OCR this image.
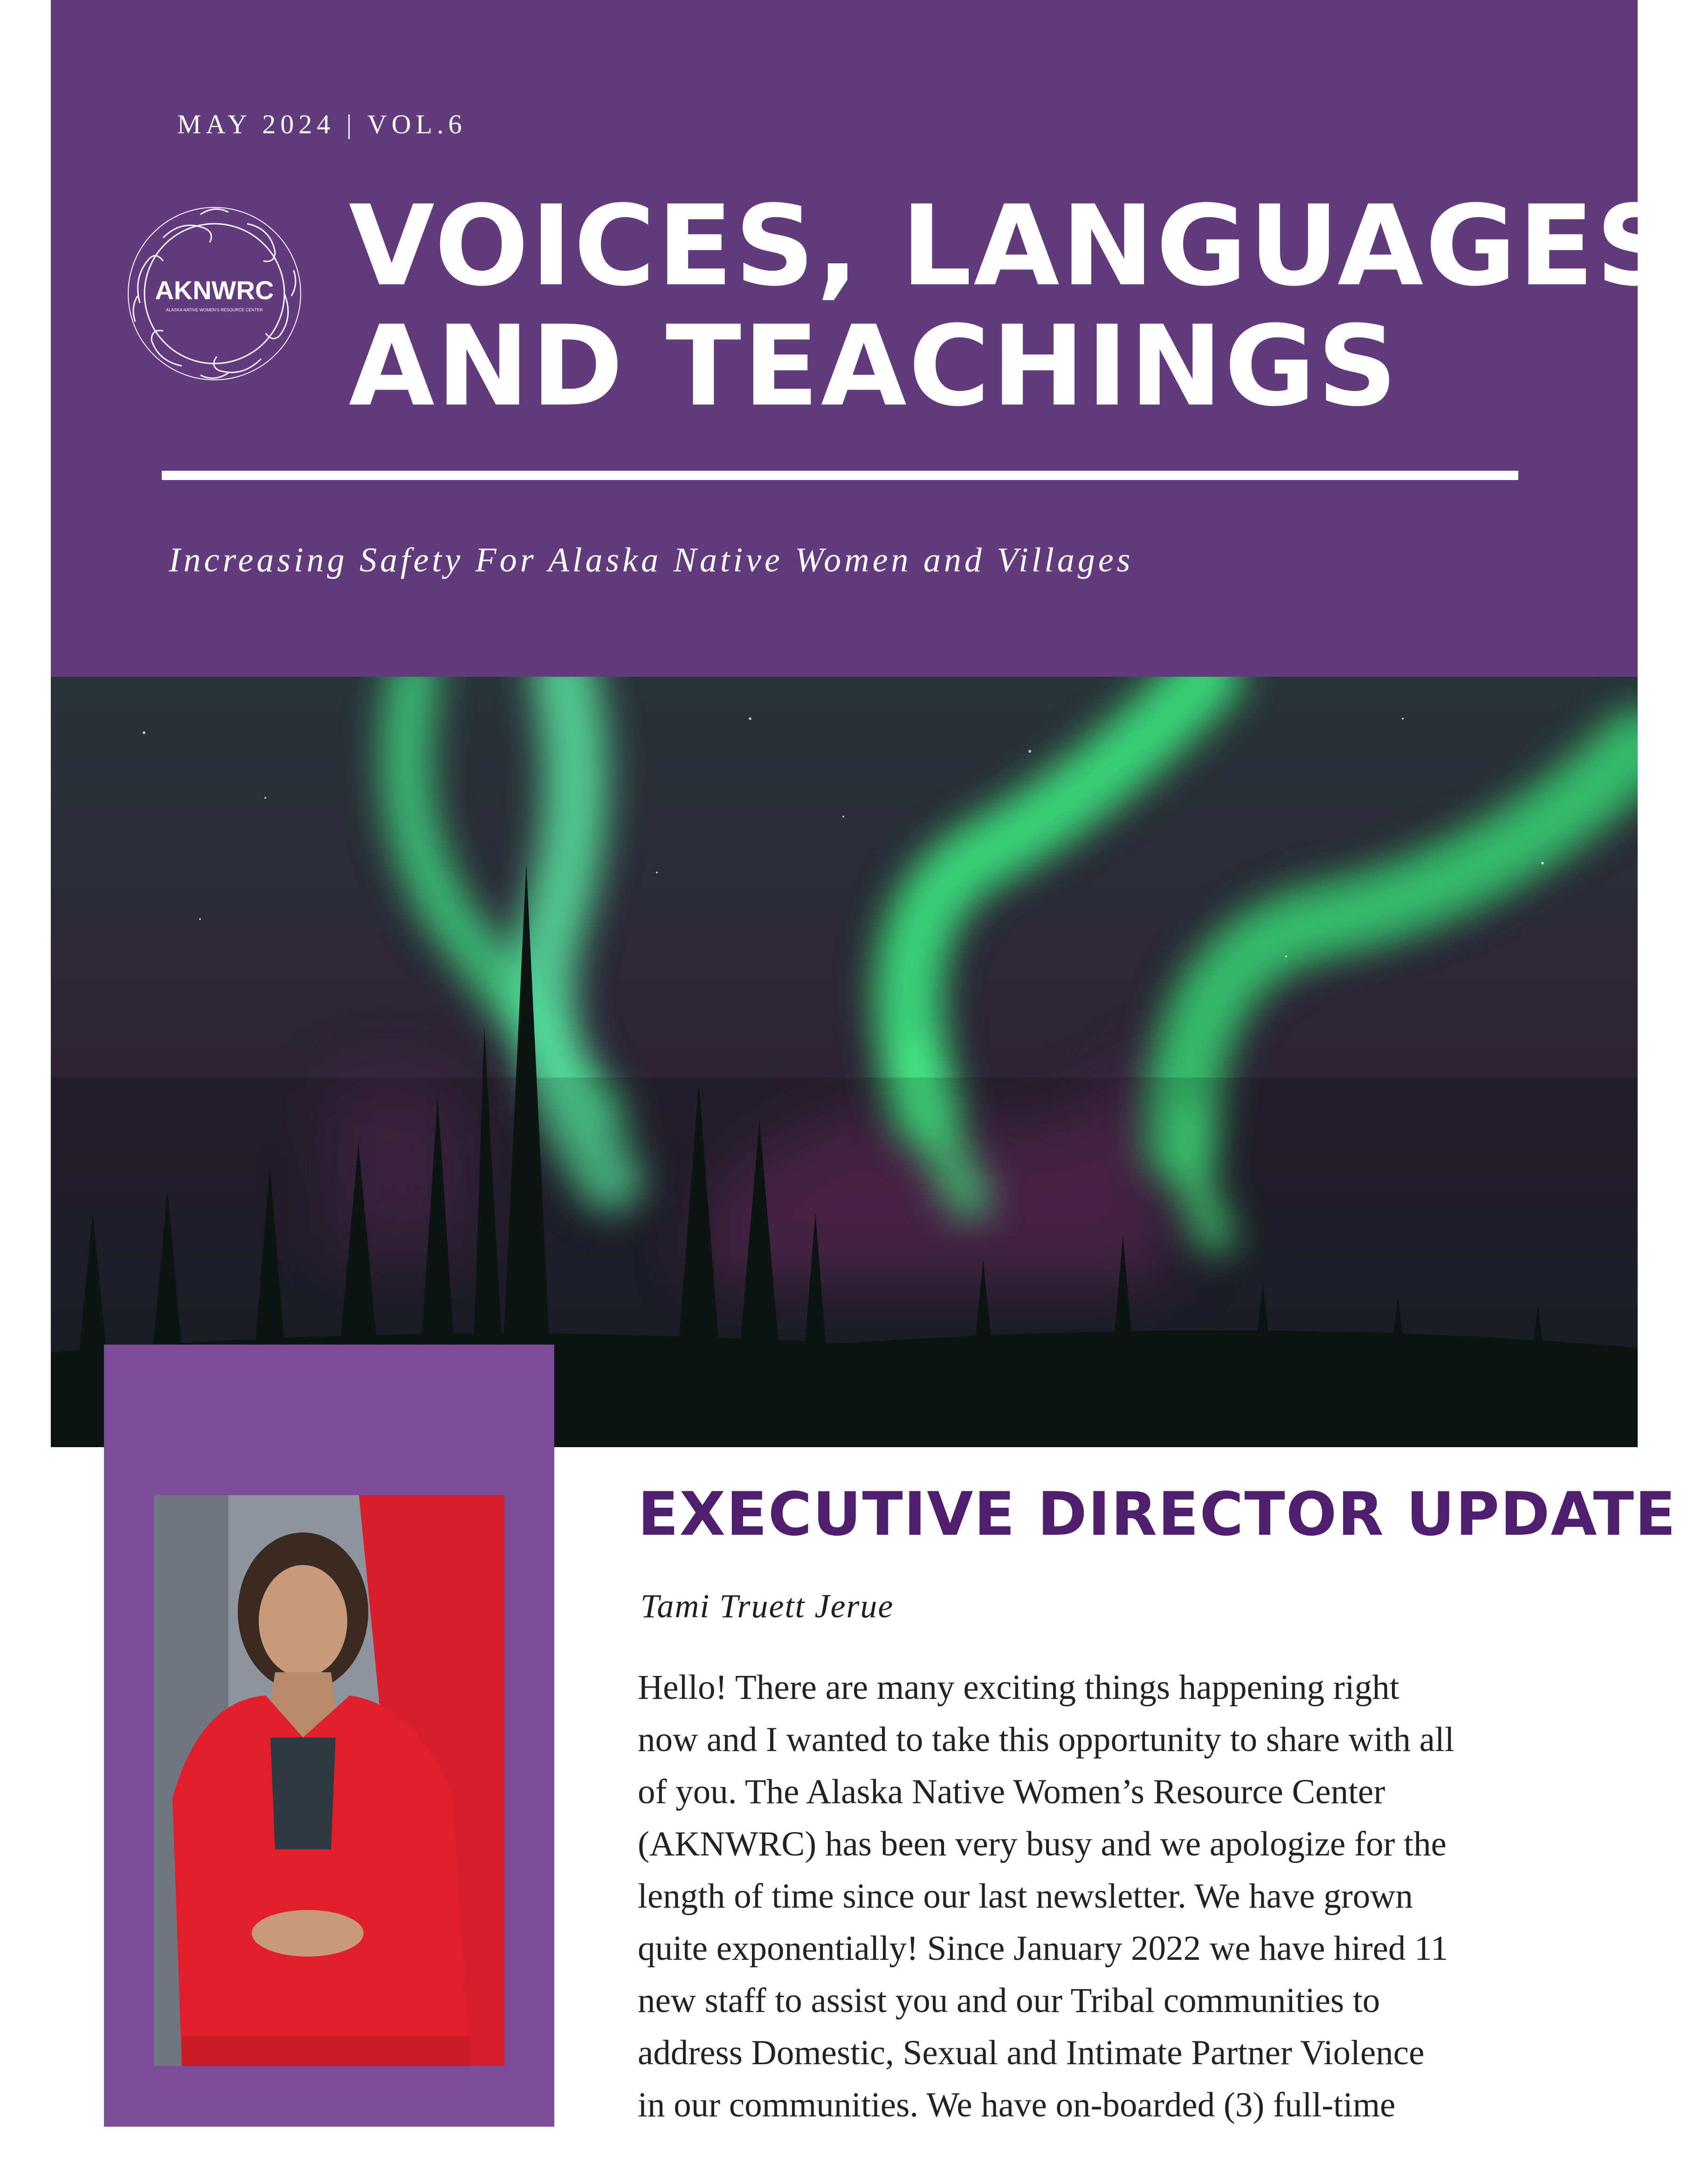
MAY 2024 | VOL.6
AKNWRC
ALASKA NATIVE WOMEN'S RESOURCE CENTER VOICES, LANGUAGES
AND TEACHINGS
Increasing Safety For Alaska Native Women and Villages
EXECUTIVE DIRECTOR UPDATE
Tami Truett Jerue

Hello! There are many exciting things happening right
now and I wanted to take this opportunity to share with all
of you. The Alaska Native Women’s Resource Center
(AKNWRC) has been very busy and we apologize for the
length of time since our last newsletter. We have grown
quite exponentially! Since January 2022 we have hired 11
new staff to assist you and our Tribal communities to
address Domestic, Sexual and Intimate Partner Violence
in our communities. We have on-boarded (3) full-time
